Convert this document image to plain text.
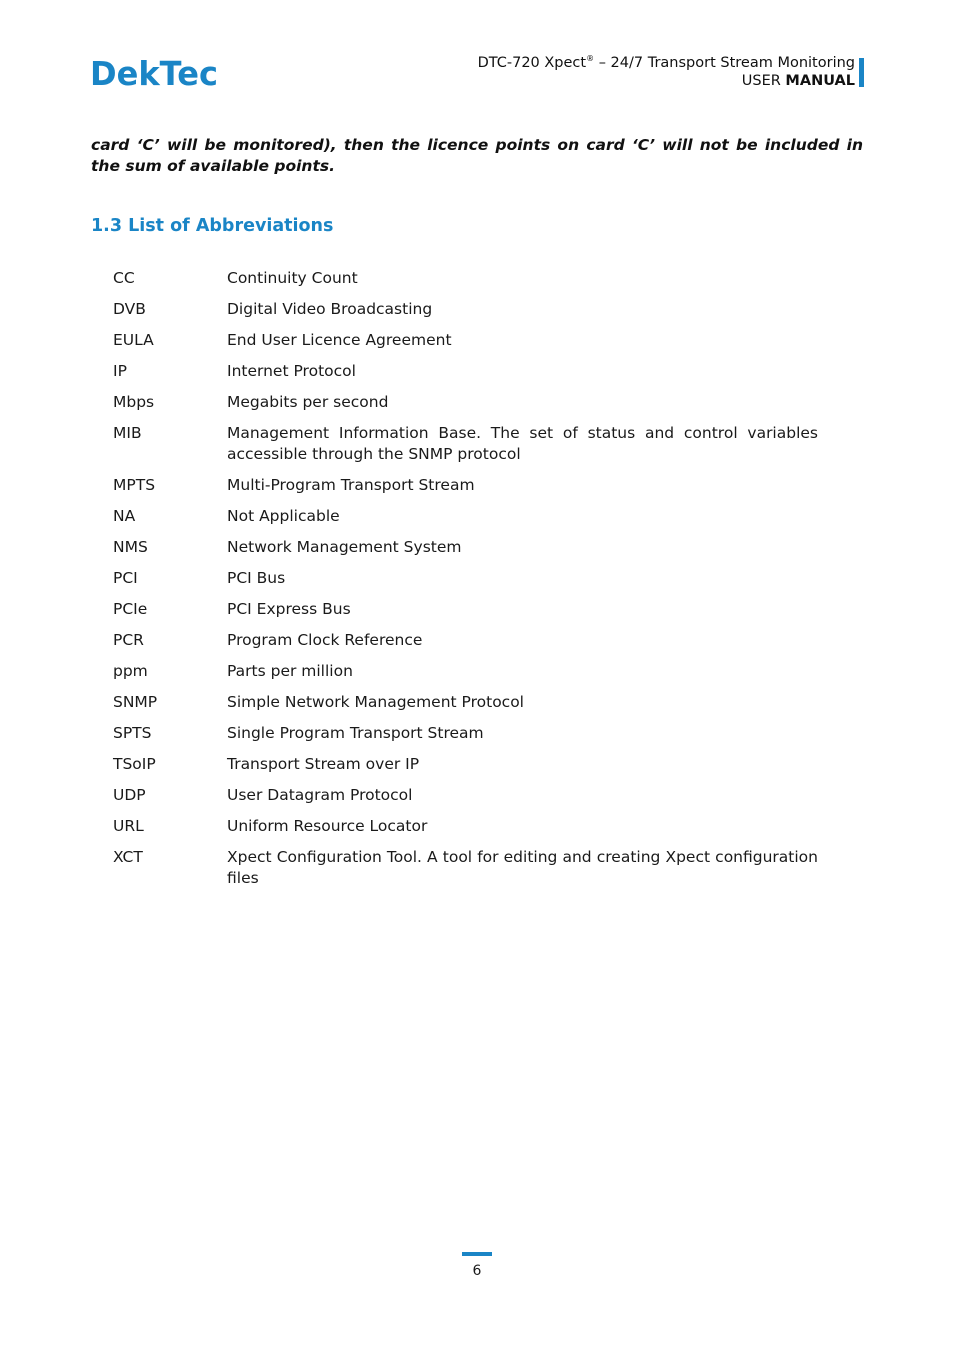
DekTec	DTC-720 Xpect® – 24/7 Transport Stream Monitoring
USER MANUAL
card ‘C’ will be monitored), then the licence points on card ‘C’ will not be included in the sum of available points.
1.3 List of Abbreviations
CC	Continuity Count
DVB	Digital Video Broadcasting
EULA	End User Licence Agreement
IP	Internet Protocol
Mbps	Megabits per second
MIB	Management Information Base. The set of status and control variables accessible through the SNMP protocol
MPTS	Multi-Program Transport Stream
NA	Not Applicable
NMS	Network Management System
PCI	PCI Bus
PCIe	PCI Express Bus
PCR	Program Clock Reference
ppm	Parts per million
SNMP	Simple Network Management Protocol
SPTS	Single Program Transport Stream
TSoIP	Transport Stream over IP
UDP	User Datagram Protocol
URL	Uniform Resource Locator
XCT	Xpect Configuration Tool. A tool for editing and creating Xpect configuration files
6
